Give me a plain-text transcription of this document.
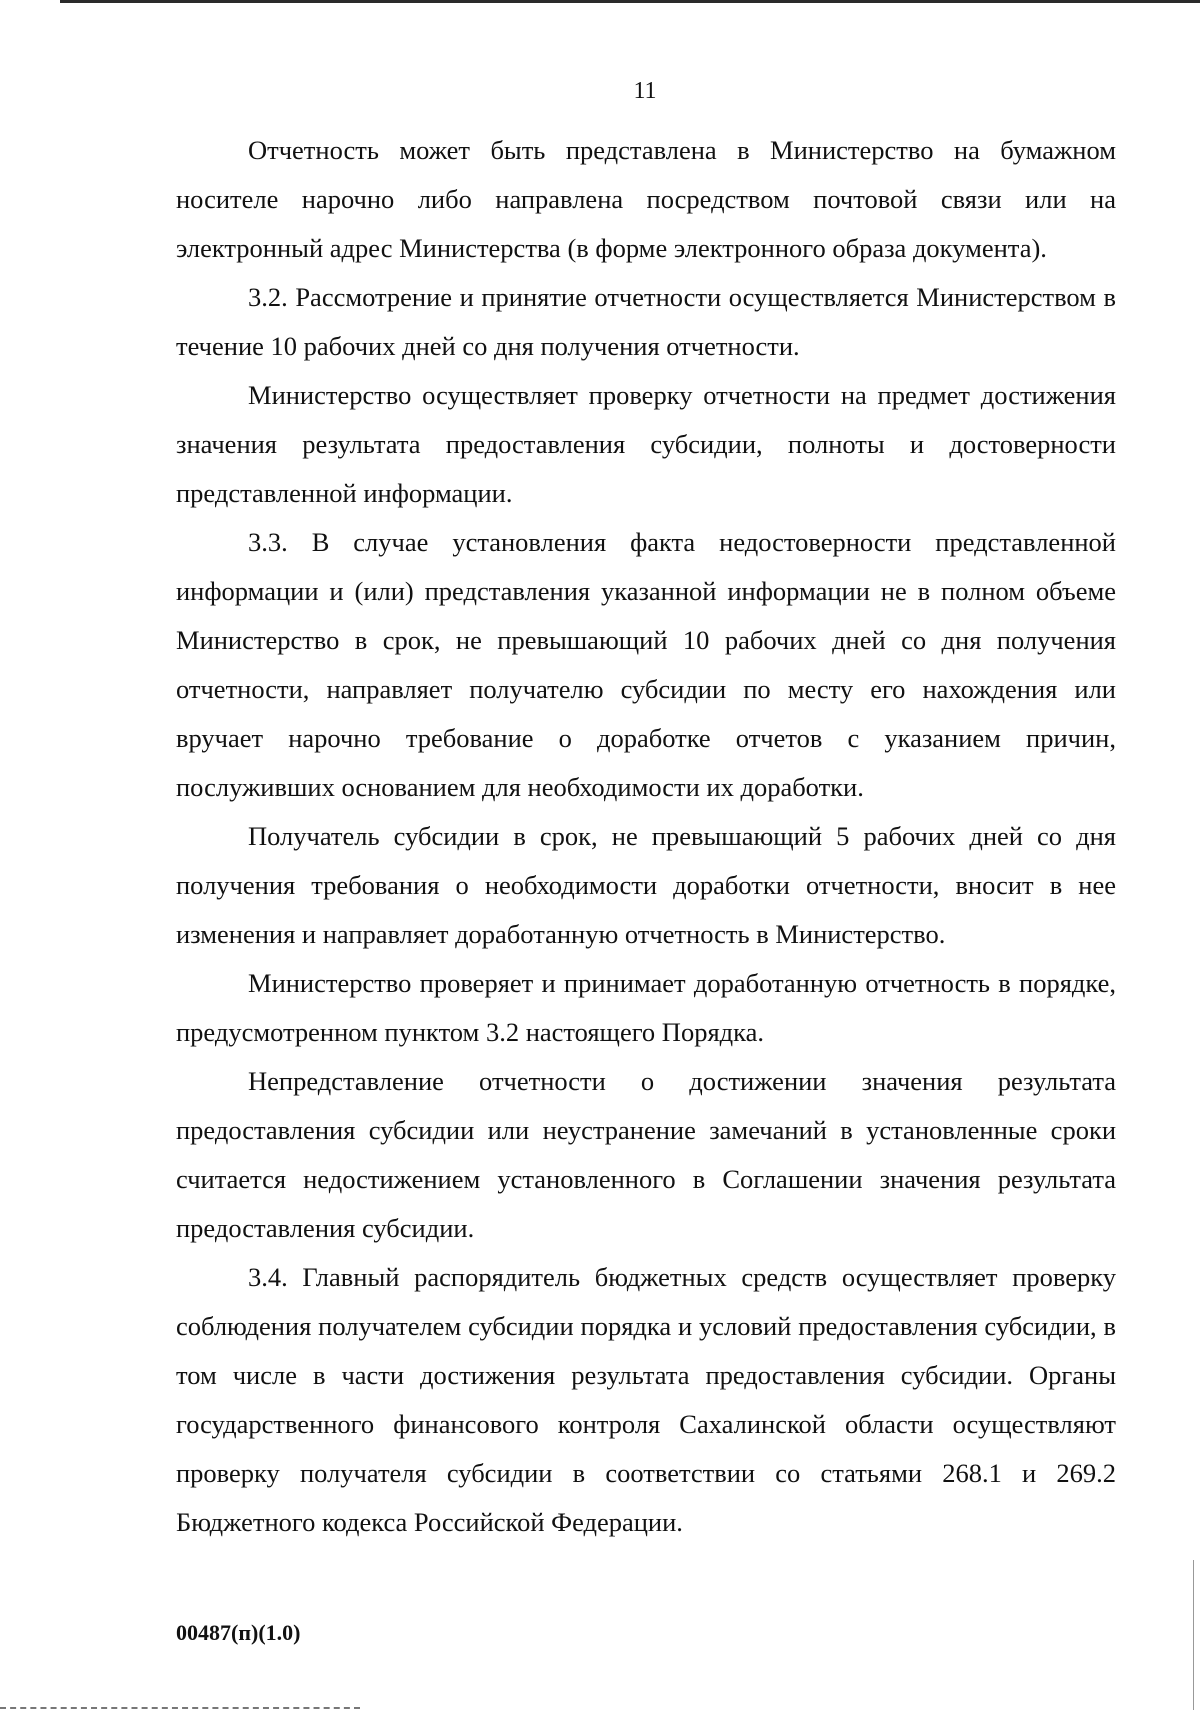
11

Отчетность может быть представлена в Министерство на бумажном носителе нарочно либо направлена посредством почтовой связи или на электронный адрес Министерства (в форме электронного образа документа).

3.2. Рассмотрение и принятие отчетности осуществляется Министерством в течение 10 рабочих дней со дня получения отчетности.

Министерство осуществляет проверку отчетности на предмет достижения значения результата предоставления субсидии, полноты и достоверности представленной информации.

3.3. В случае установления факта недостоверности представленной информации и (или) представления указанной информации не в полном объеме Министерство в срок, не превышающий 10 рабочих дней со дня получения отчетности, направляет получателю субсидии по месту его нахождения или вручает нарочно требование о доработке отчетов с указанием причин, послуживших основанием для необходимости их доработки.

Получатель субсидии в срок, не превышающий 5 рабочих дней со дня получения требования о необходимости доработки отчетности, вносит в нее изменения и направляет доработанную отчетность в Министерство.

Министерство проверяет и принимает доработанную отчетность в порядке, предусмотренном пунктом 3.2 настоящего Порядка.

Непредставление отчетности о достижении значения результата предоставления субсидии или неустранение замечаний в установленные сроки считается недостижением установленного в Соглашении значения результата предоставления субсидии.

3.4. Главный распорядитель бюджетных средств осуществляет проверку соблюдения получателем субсидии порядка и условий предоставления субсидии, в том числе в части достижения результата предоставления субсидии. Органы государственного финансового контроля Сахалинской области осуществляют проверку получателя субсидии в соответствии со статьями 268.1 и 269.2 Бюджетного кодекса Российской Федерации.

00487(п)(1.0)
